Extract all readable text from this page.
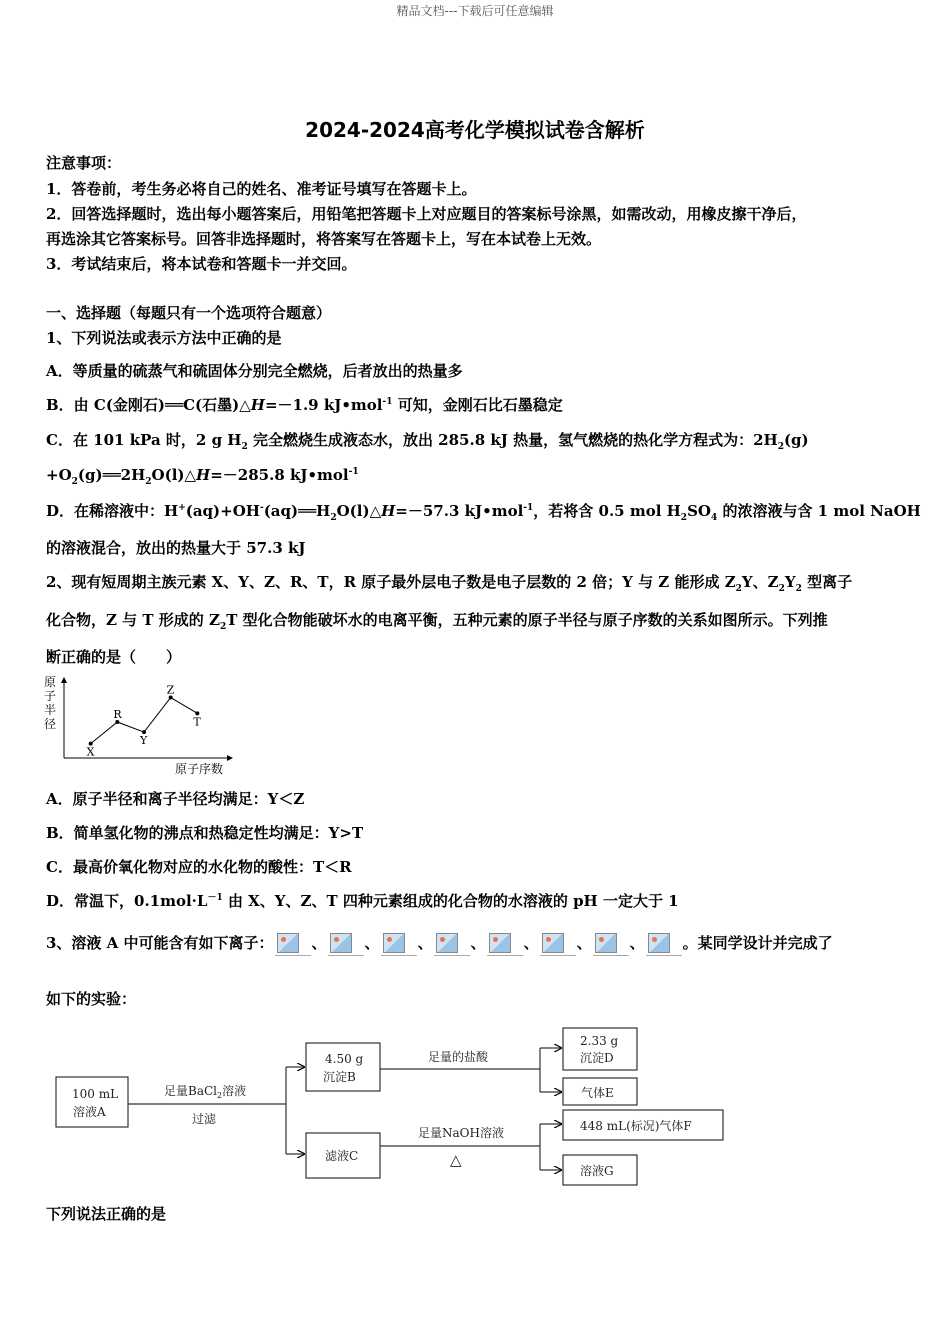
精品文档---下载后可任意编辑
2024-2024高考化学模拟试卷含解析
注意事项：
1．答卷前，考生务必将自己的姓名、准考证号填写在答题卡上。
2．回答选择题时，选出每小题答案后，用铅笔把答题卡上对应题目的答案标号涂黑，如需改动，用橡皮擦干净后，
再选涂其它答案标号。回答非选择题时，将答案写在答题卡上，写在本试卷上无效。
3．考试结束后，将本试卷和答题卡一并交回。
一、选择题（每题只有一个选项符合题意）
1、下列说法或表示方法中正确的是
A．等质量的硫蒸气和硫固体分别完全燃烧，后者放出的热量多
B．由 C(金刚石)══C(石墨)△H=－1.9 kJ•mol$^{-1}$ 可知，金刚石比石墨稳定
C．在 101 kPa 时，2 g $H_2$ 完全燃烧生成液态水，放出 285.8 kJ 热量，氢气燃烧的热化学方程式为：$2H_2(g)$
$+O_2(g)══2H_2O(l)\triangle H=-285.8$ kJ•mol$^{-1}$
D．在稀溶液中：$H^+(aq)+OH^-(aq)══H_2O(l)\triangle H=-57.3$ kJ•mol$^{-1}$，若将含 0.5 mol $H_2SO_4$ 的浓溶液与含 1 mol NaOH
的溶液混合，放出的热量大于 57.3 kJ
2、现有短周期主族元素 X、Y、Z、R、T，R 原子最外层电子数是电子层数的 2 倍；Y 与 Z 能形成 $Z_2Y$、$Z_2Y_2$ 型离子
化合物，Z 与 T 形成的 $Z_2T$ 型化合物能破坏水的电离平衡，五种元素的原子半径与原子序数的关系如图所示。下列推
断正确的是（　　）
原
子
半
径
原子序数
X
R
Y
Z
T
A．原子半径和离子半径均满足：Y＜Z
B．简单氢化物的沸点和热稳定性均满足：Y>T
C．最高价氧化物对应的水化物的酸性：T＜R
D．常温下，$0.1mol\cdot L^{-1}$ 由 X、Y、Z、T 四种元素组成的化合物的水溶液的 pH 一定大于 1
3、溶液 A 中可能含有如下离子：	、	、	、	、	、	、	、	。某同学设计并完成了
如下的实验：
100 mL
溶液A
足量BaCl$_2$溶液
过滤
4.50 g
沉淀B
滤液C
足量的盐酸
足量NaOH溶液
△
2.33 g
沉淀D
气体E
448 mL(标况)气体F
溶液G
下列说法正确的是
